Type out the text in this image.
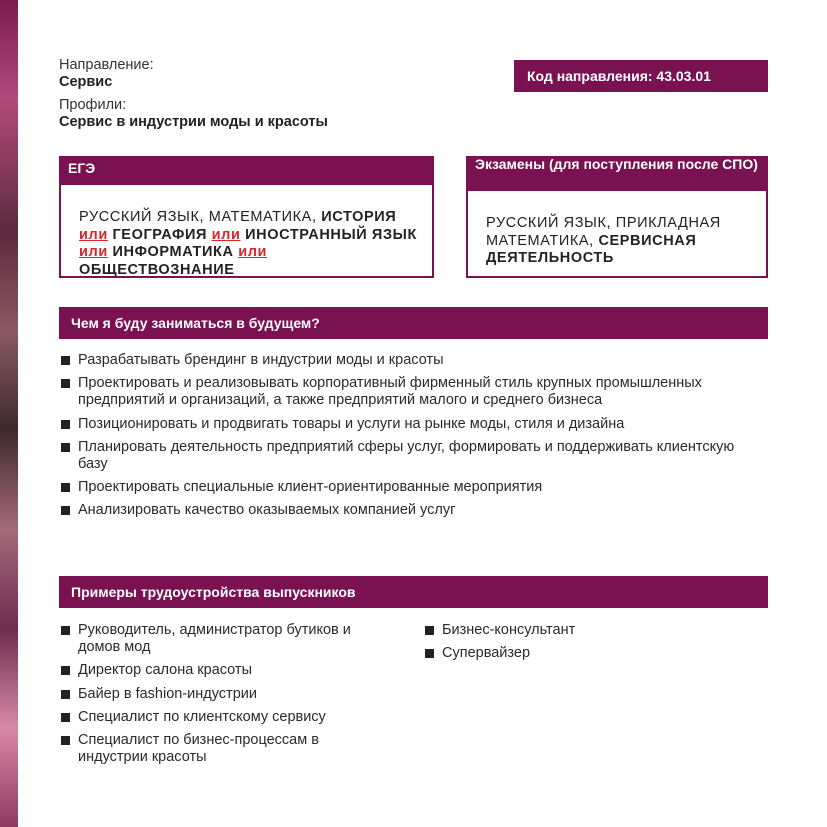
Направление:
Сервис
Профили:
Сервис в индустрии моды и красоты
Код направления: 43.03.01
ЕГЭ
РУССКИЙ ЯЗЫК, МАТЕМАТИКА, ИСТОРИЯ или ГЕОГРАФИЯ или ИНОСТРАННЫЙ ЯЗЫК или ИНФОРМАТИКА или ОБЩЕСТВОЗНАНИЕ
Экзамены (для поступления после СПО)
РУССКИЙ ЯЗЫК, ПРИКЛАДНАЯ МАТЕМАТИКА, СЕРВИСНАЯ ДЕЯТЕЛЬНОСТЬ
Чем я буду заниматься в будущем?
Разрабатывать брендинг в индустрии моды и красоты
Проектировать и реализовывать корпоративный фирменный стиль крупных промышленных предприятий и организаций, а также предприятий малого и среднего бизнеса
Позиционировать и продвигать товары и услуги на рынке моды, стиля и дизайна
Планировать деятельность предприятий сферы услуг, формировать и поддерживать клиентскую базу
Проектировать специальные клиент-ориентированные мероприятия
Анализировать качество оказываемых компанией услуг
Примеры трудоустройства выпускников
Руководитель, администратор бутиков и домов мод
Директор салона красоты
Байер в fashion-индустрии
Специалист по клиентскому сервису
Специалист по бизнес-процессам в индустрии красоты
Бизнес-консультант
Супервайзер
